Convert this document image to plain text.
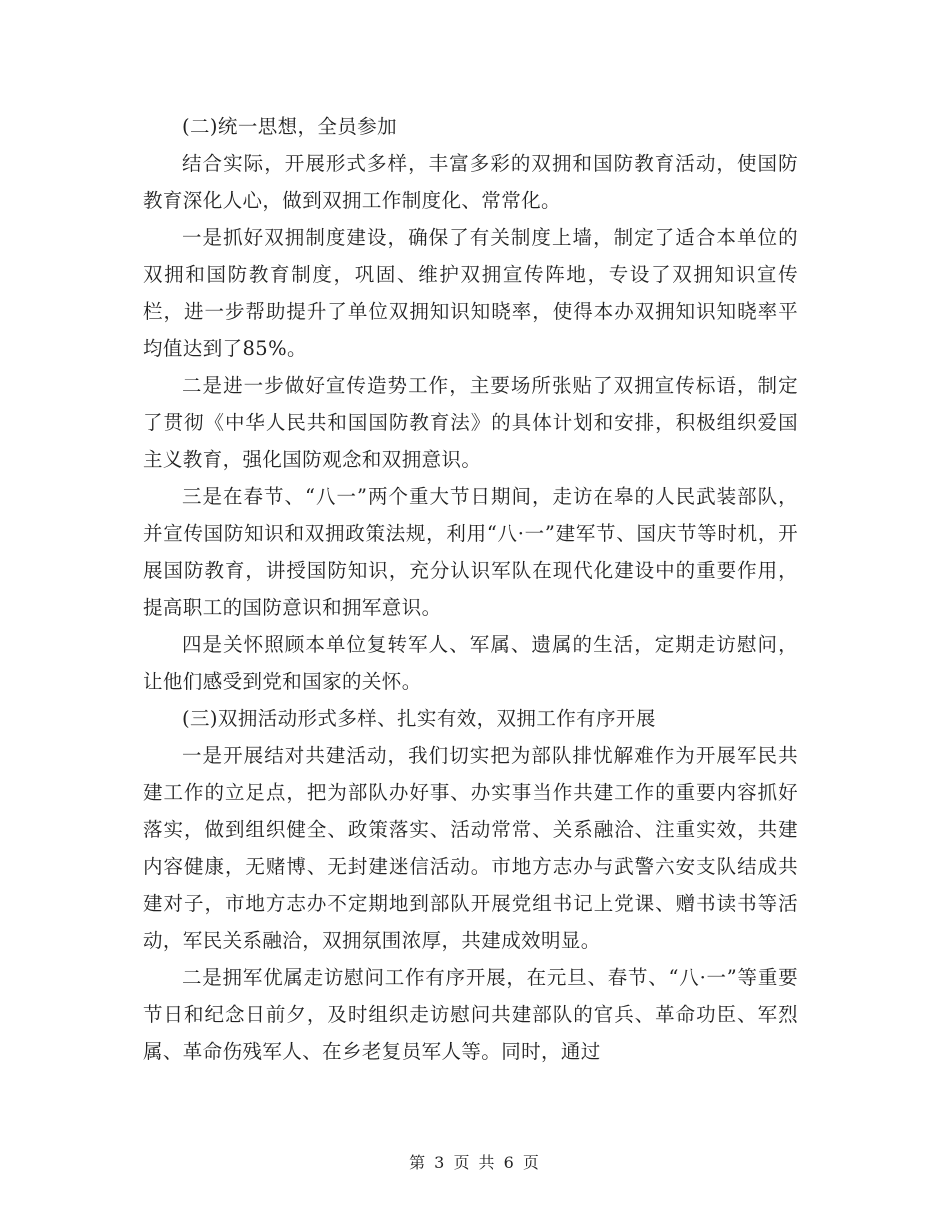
(二)统一思想，全员参加

结合实际，开展形式多样，丰富多彩的双拥和国防教育活动，使国防教育深化人心，做到双拥工作制度化、常常化。

一是抓好双拥制度建设，确保了有关制度上墙，制定了适合本单位的双拥和国防教育制度，巩固、维护双拥宣传阵地，专设了双拥知识宣传栏，进一步帮助提升了单位双拥知识知晓率，使得本办双拥知识知晓率平均值达到了85%。

二是进一步做好宣传造势工作，主要场所张贴了双拥宣传标语，制定了贯彻《中华人民共和国国防教育法》的具体计划和安排，积极组织爱国主义教育，强化国防观念和双拥意识。

三是在春节、“八一”两个重大节日期间，走访在皋的人民武装部队，并宣传国防知识和双拥政策法规，利用“八·一”建军节、国庆节等时机，开展国防教育，讲授国防知识，充分认识军队在现代化建设中的重要作用，提高职工的国防意识和拥军意识。

四是关怀照顾本单位复转军人、军属、遗属的生活，定期走访慰问，让他们感受到党和国家的关怀。

(三)双拥活动形式多样、扎实有效，双拥工作有序开展

一是开展结对共建活动，我们切实把为部队排忧解难作为开展军民共建工作的立足点，把为部队办好事、办实事当作共建工作的重要内容抓好落实，做到组织健全、政策落实、活动常常、关系融洽、注重实效，共建内容健康，无赌博、无封建迷信活动。市地方志办与武警六安支队结成共建对子，市地方志办不定期地到部队开展党组书记上党课、赠书读书等活动，军民关系融洽，双拥氛围浓厚，共建成效明显。

二是拥军优属走访慰问工作有序开展，在元旦、春节、“八·一”等重要节日和纪念日前夕，及时组织走访慰问共建部队的官兵、革命功臣、军烈属、革命伤残军人、在乡老复员军人等。同时，通过

第 3 页 共 6 页
